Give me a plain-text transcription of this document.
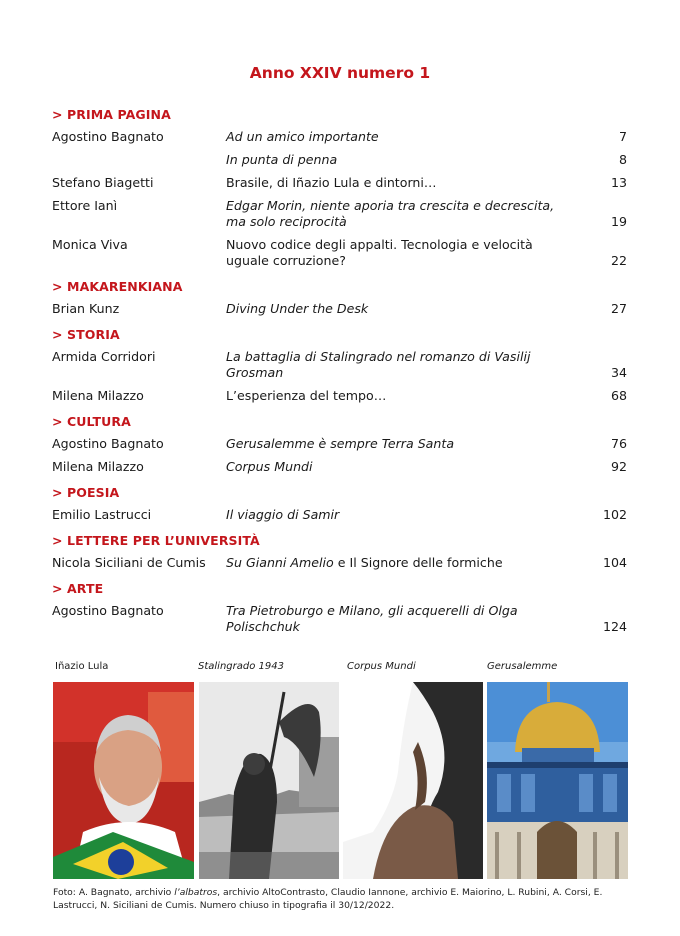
Anno XXIV numero 1
> PRIMA PAGINA
Agostino Bagnato	Ad un amico importante	7
In punta di penna	8
Stefano Biagetti	Brasile, di Iñazio Lula e dintorni…	13
Ettore Ianì	Edgar Morin, niente aporia tra crescita e decrescita,
ma solo reciprocità	19
Monica Viva	Nuovo codice degli appalti. Tecnologia e velocità
uguale corruzione?	22
> MAKARENKIANA
Brian Kunz	Diving Under the Desk	27
> STORIA
Armida Corridori	La battaglia di Stalingrado nel romanzo di Vasilij Grosman	34
Milena Milazzo	L’esperienza del tempo…	68
> CULTURA
Agostino Bagnato	Gerusalemme è sempre Terra Santa	76
Milena Milazzo	Corpus Mundi	92
> POESIA
Emilio Lastrucci	Il viaggio di Samir	102
> LETTERE PER L’UNIVERSITÀ
Nicola Siciliani de Cumis	Su Gianni Amelio e Il Signore delle formiche	104
> ARTE
Agostino Bagnato	Tra Pietroburgo e Milano, gli acquerelli di Olga Polischchuk	124
Iñazio Lula	Stalingrado 1943	Corpus Mundi	Gerusalemme
Foto: A. Bagnato, archivio l’albatros, archivio AltoContrasto, Claudio Iannone, archivio E. Maiorino, L. Rubini, A. Corsi, E. Lastrucci, N. Siciliani de Cumis. Numero chiuso in tipografia il 30/12/2022.
